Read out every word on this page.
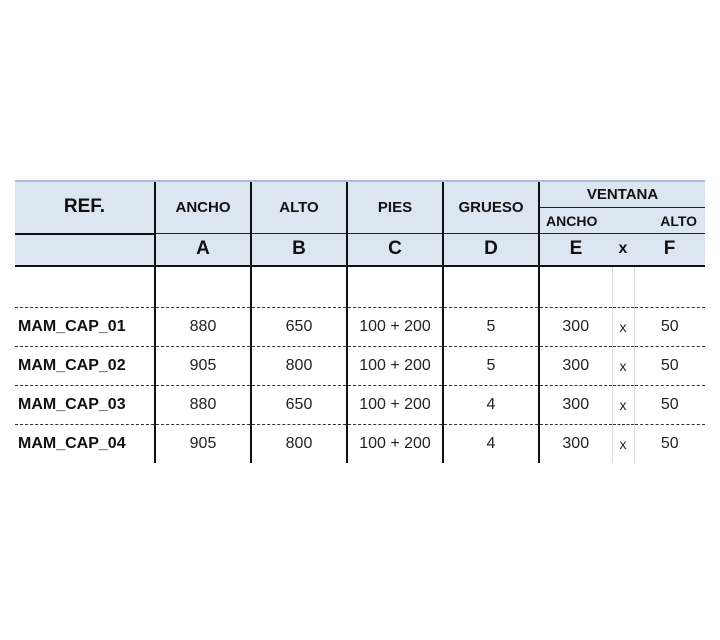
REF.	ANCHO	ALTO	PIES	GRUESO	VENTANA		
					ANCHO		ALTO
	A	B	C	D	E	x	F

MAM_CAP_01	880	650	100 + 200	5	300	x	50
MAM_CAP_02	905	800	100 + 200	5	300	x	50
MAM_CAP_03	880	650	100 + 200	4	300	x	50
MAM_CAP_04	905	800	100 + 200	4	300	x	50
